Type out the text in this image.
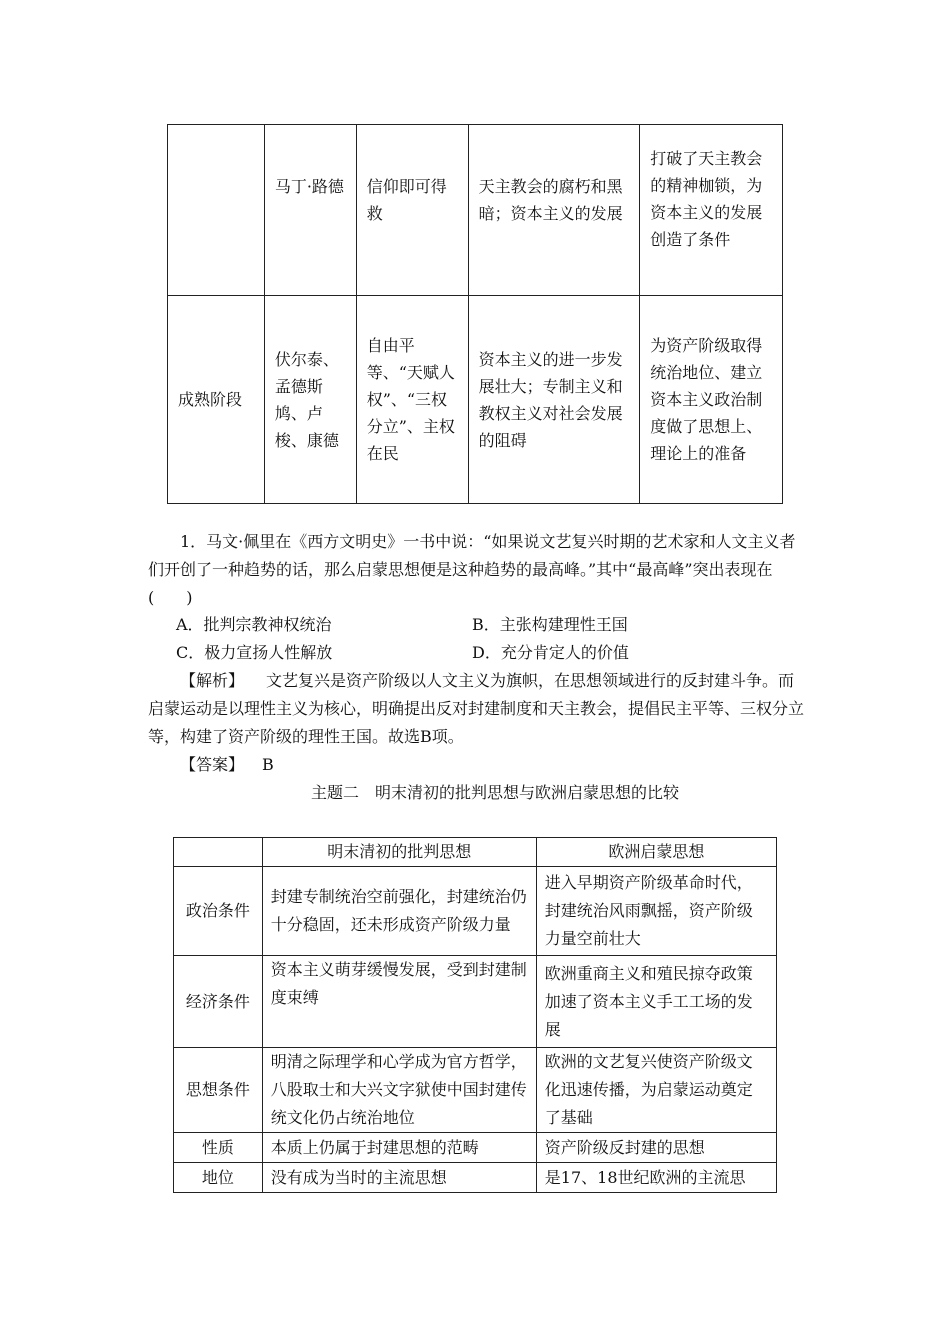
	马丁·路德	信仰即可得救	天主教会的腐朽和黑暗；资本主义的发展	打破了天主教会的精神枷锁，为资本主义的发展创造了条件
成熟阶段	伏尔泰、孟德斯鸠、卢梭、康德	自由平等、“天赋人权”、“三权分立”、主权在民	资本主义的进一步发展壮大；专制主义和教权主义对社会发展的阻碍	为资产阶级取得统治地位、建立资本主义政治制度做了思想上、理论上的准备
1．马文·佩里在《西方文明史》一书中说：“如果说文艺复兴时期的艺术家和人文主义者们开创了一种趋势的话，那么启蒙思想便是这种趋势的最高峰。”其中“最高峰”突出表现在(　　)
A．批判宗教神权统治	B．主张构建理性王国
C．极力宣扬人性解放	D．充分肯定人的价值
【解析】 文艺复兴是资产阶级以人文主义为旗帜，在思想领域进行的反封建斗争。而启蒙运动是以理性主义为核心，明确提出反对封建制度和天主教会，提倡民主平等、三权分立等，构建了资产阶级的理性王国。故选B项。
【答案】 B
主题二　明末清初的批判思想与欧洲启蒙思想的比较
	明末清初的批判思想	欧洲启蒙思想
政治条件	封建专制统治空前强化，封建统治仍十分稳固，还未形成资产阶级力量	进入早期资产阶级革命时代，封建统治风雨飘摇，资产阶级力量空前壮大
经济条件	资本主义萌芽缓慢发展，受到封建制度束缚	欧洲重商主义和殖民掠夺政策加速了资本主义手工工场的发展
思想条件	明清之际理学和心学成为官方哲学，八股取士和大兴文字狱使中国封建传统文化仍占统治地位	欧洲的文艺复兴使资产阶级文化迅速传播，为启蒙运动奠定了基础
性质	本质上仍属于封建思想的范畴	资产阶级反封建的思想
地位	没有成为当时的主流思想	是17、18世纪欧洲的主流思
